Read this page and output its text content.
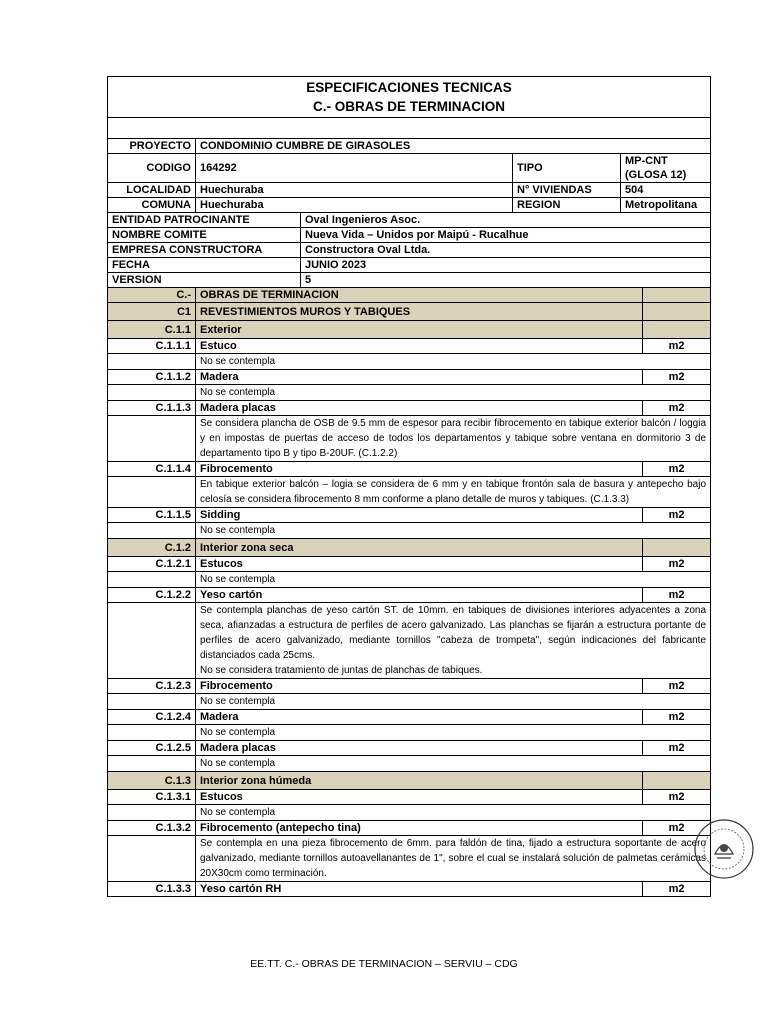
ESPECIFICACIONES TECNICAS					
C.- OBRAS DE TERMINACION					

PROYECTO	CONDOMINIO CUMBRE DE GIRASOLES				
CODIGO	164292		TIPO	MP-CNT (GLOSA 12)	
LOCALIDAD	Huechuraba		N° VIVIENDAS	504	
COMUNA	Huechuraba		REGION	Metropolitana	
ENTIDAD PATROCINANTE		Oval Ingenieros Asoc.			
NOMBRE COMITE		Nueva Vida – Unidos por Maipú - Rucalhue			
EMPRESA CONSTRUCTORA		Constructora Oval Ltda.			
FECHA		JUNIO 2023			
VERSION		5			
C.-	OBRAS DE TERMINACION				
C1	REVESTIMIENTOS MUROS Y TABIQUES				
C.1.1	Exterior				
C.1.1.1	Estuco				m2
	No se contempla				
C.1.1.2	Madera				m2
	No se contempla				
C.1.1.3	Madera placas				m2
	Se considera plancha de OSB de 9.5 mm de espesor para recibir fibrocemento en tabique exterior balcón / loggia y en impostas de puertas de acceso de todos los departamentos y tabique sobre ventana en dormitorio 3 de departamento tipo B y tipo B-20UF. (C.1.2.2)				
C.1.1.4	Fibrocemento				m2
	En tabique exterior balcón – logia se considera de 6 mm y en tabique frontón sala de basura y antepecho bajo celosía se considera fibrocemento 8 mm conforme a plano detalle de muros y tabiques. (C.1.3.3)				
C.1.1.5	Sidding				m2
	No se contempla				
C.1.2	Interior zona seca				
C.1.2.1	Estucos				m2
	No se contempla				
C.1.2.2	Yeso cartón				m2

	Se contempla planchas de yeso cartón ST. de 10mm. en tabiques de divisiones interiores adyacentes a zona seca, afianzadas a estructura de perfiles de acero galvanizado. Las planchas se fijarán a estructura portante de perfiles de acero galvanizado, mediante tornillos "cabeza de trompeta", según indicaciones del fabricante distanciados cada 25cms.
No se considera tratamiento de juntas de planchas de tabiques.				

C.1.2.3	Fibrocemento				m2
	No se contempla				
C.1.2.4	Madera				m2
	No se contempla				
C.1.2.5	Madera placas				m2
	No se contempla				
C.1.3	Interior zona húmeda				
C.1.3.1	Estucos				m2
	No se contempla				
C.1.3.2	Fibrocemento (antepecho tina)				m2
	Se contempla en una pieza fibrocemento de 6mm. para faldón de tina, fijado a estructura soportante de acero galvanizado, mediante tornillos autoavellanantes de 1", sobre el cual se instalará solución de palmetas cerámicas 20X30cm como terminación.				
C.1.3.3	Yeso cartón RH				m2
EE.TT. C.- OBRAS DE TERMINACION – SERVIU – CDG
